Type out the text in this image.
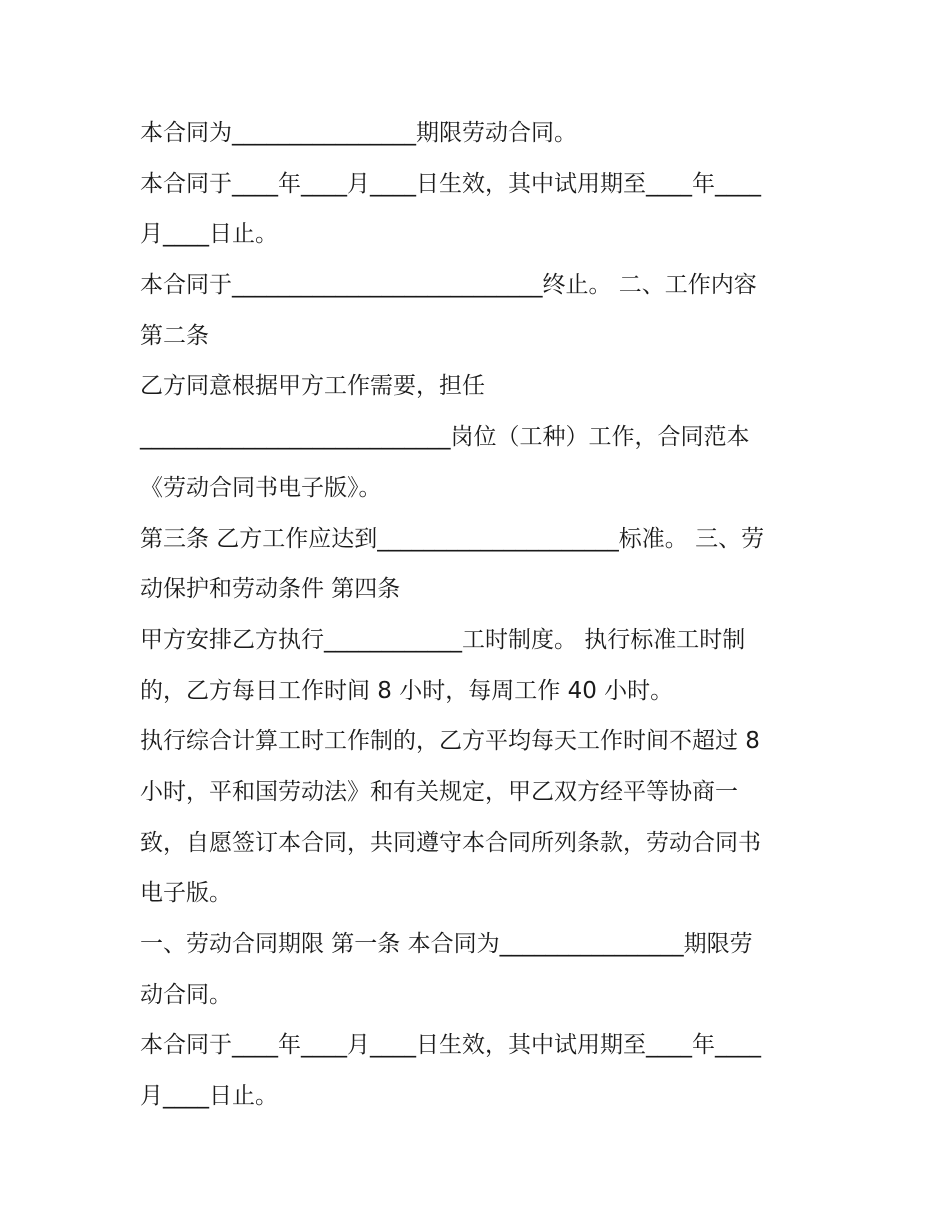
本合同为________________期限劳动合同。
本合同于____年____月____日生效，其中试用期至____年____
月____日止。
本合同于___________________________终止。 二、工作内容
第二条
乙方同意根据甲方工作需要，担任
___________________________岗位（工种）工作，合同范本
《劳动合同书电子版》。
第三条 乙方工作应达到_____________________标准。 三、劳
动保护和劳动条件 第四条
甲方安排乙方执行____________工时制度。 执行标准工时制
的，乙方每日工作时间 8 小时，每周工作 40 小时。
执行综合计算工时工作制的，乙方平均每天工作时间不超过 8
小时，平和国劳动法》和有关规定，甲乙双方经平等协商一
致，自愿签订本合同，共同遵守本合同所列条款，劳动合同书
电子版。
一、劳动合同期限 第一条 本合同为________________期限劳
动合同。
本合同于____年____月____日生效，其中试用期至____年____
月____日止。
